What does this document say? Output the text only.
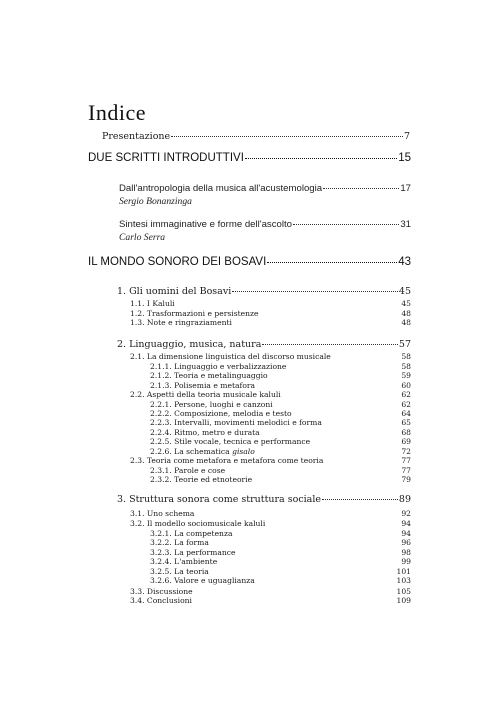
Indice
Presentazione	7
DUE SCRITTI INTRODUTTIVI	15
Dall'antropologia della musica all'acustemologia	17
Sergio Bonanzinga
Sintesi immaginative e forme dell'ascolto	31
Carlo Serra
IL MONDO SONORO DEI BOSAVI	43
1. Gli uomini del Bosavi	45
1.1. I Kaluli	45
1.2. Trasformazioni e persistenze	48
1.3. Note e ringraziamenti	48
2. Linguaggio, musica, natura	57
2.1. La dimensione linguistica del discorso musicale	58
2.1.1. Linguaggio e verbalizzazione	58
2.1.2. Teoria e metalinguaggio	59
2.1.3. Polisemia e metafora	60
2.2. Aspetti della teoria musicale kaluli	62
2.2.1. Persone, luoghi e canzoni	62
2.2.2. Composizione, melodia e testo	64
2.2.3. Intervalli, movimenti melodici e forma	65
2.2.4. Ritmo, metro e durata	68
2.2.5. Stile vocale, tecnica e performance	69
2.2.6. La schematica gisalo	72
2.3. Teoria come metafora e metafora come teoria	77
2.3.1. Parole e cose	77
2.3.2. Teorie ed etnoteorie	79
3. Struttura sonora come struttura sociale	89
3.1. Uno schema	92
3.2. Il modello sociomusicale kaluli	94
3.2.1. La competenza	94
3.2.2. La forma	96
3.2.3. La performance	98
3.2.4. L'ambiente	99
3.2.5. La teoria	101
3.2.6. Valore e uguaglianza	103
3.3. Discussione	105
3.4. Conclusioni	109
